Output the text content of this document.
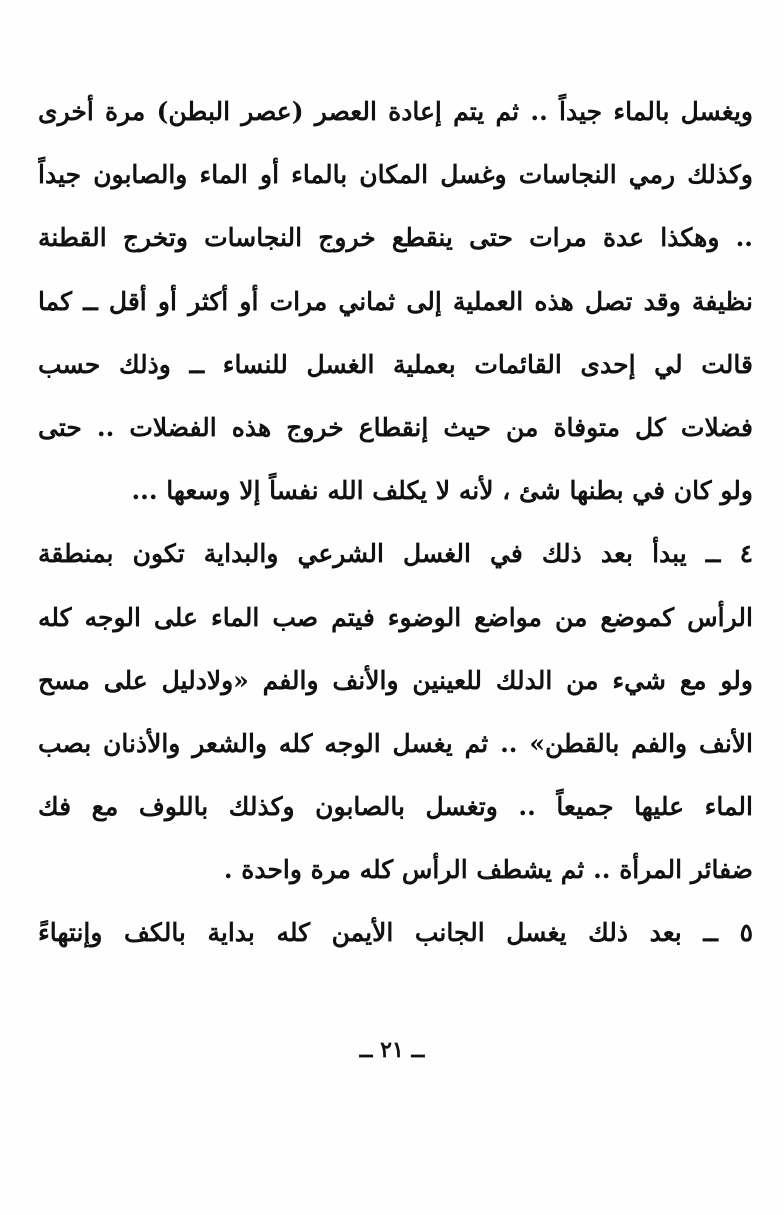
ويغسل بالماء جيداً .. ثم يتم إعادة العصر (عصر البطن) مرة أخرى
وكذلك رمي النجاسات وغسل المكان بالماء أو الماء والصابون جيداً
.. وهكذا عدة مرات حتى ينقطع خروج النجاسات وتخرج القطنة
نظيفة وقد تصل هذه العملية إلى ثماني مرات أو أكثر أو أقل ــ كما
قالت لي إحدى القائمات بعملية الغسل للنساء ــ وذلك حسب
فضلات كل متوفاة من حيث إنقطاع خروج هذه الفضلات .. حتى
ولو كان في بطنها شئ ، لأنه لا يكلف الله نفساً إلا وسعها ...
٤ ــ يبدأ بعد ذلك في الغسل الشرعي والبداية تكون بمنطقة
الرأس كموضع من مواضع الوضوء فيتم صب الماء على الوجه كله
ولو مع شيء من الدلك للعينين والأنف والفم «ولادليل على مسح
الأنف والفم بالقطن» .. ثم يغسل الوجه كله والشعر والأذنان بصب
الماء عليها جميعاً .. وتغسل بالصابون وكذلك باللوف مع فك
ضفائر المرأة .. ثم يشطف الرأس كله مرة واحدة .
٥ ــ بعد ذلك يغسل الجانب الأيمن كله بداية بالكف وإنتهاءً
ــ ٢١ ــ
